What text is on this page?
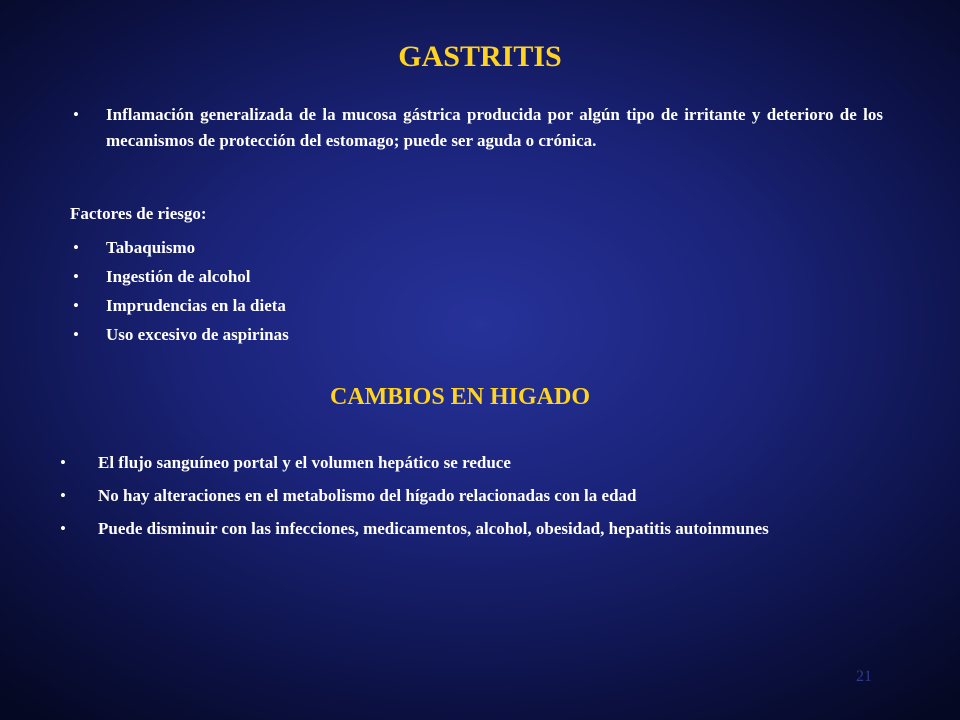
GASTRITIS
• Inflamación generalizada de la mucosa gástrica producida por algún tipo de irritante y deterioro de los mecanismos de protección del estomago; puede ser aguda o crónica.
Factores de riesgo:
• Tabaquismo
• Ingestión de alcohol
• Imprudencias en la dieta
• Uso excesivo de aspirinas
CAMBIOS EN HIGADO
• El flujo sanguíneo portal y el volumen hepático se reduce
• No hay alteraciones en el metabolismo del hígado relacionadas con la edad
• Puede disminuir con las infecciones, medicamentos, alcohol, obesidad, hepatitis autoinmunes
21
